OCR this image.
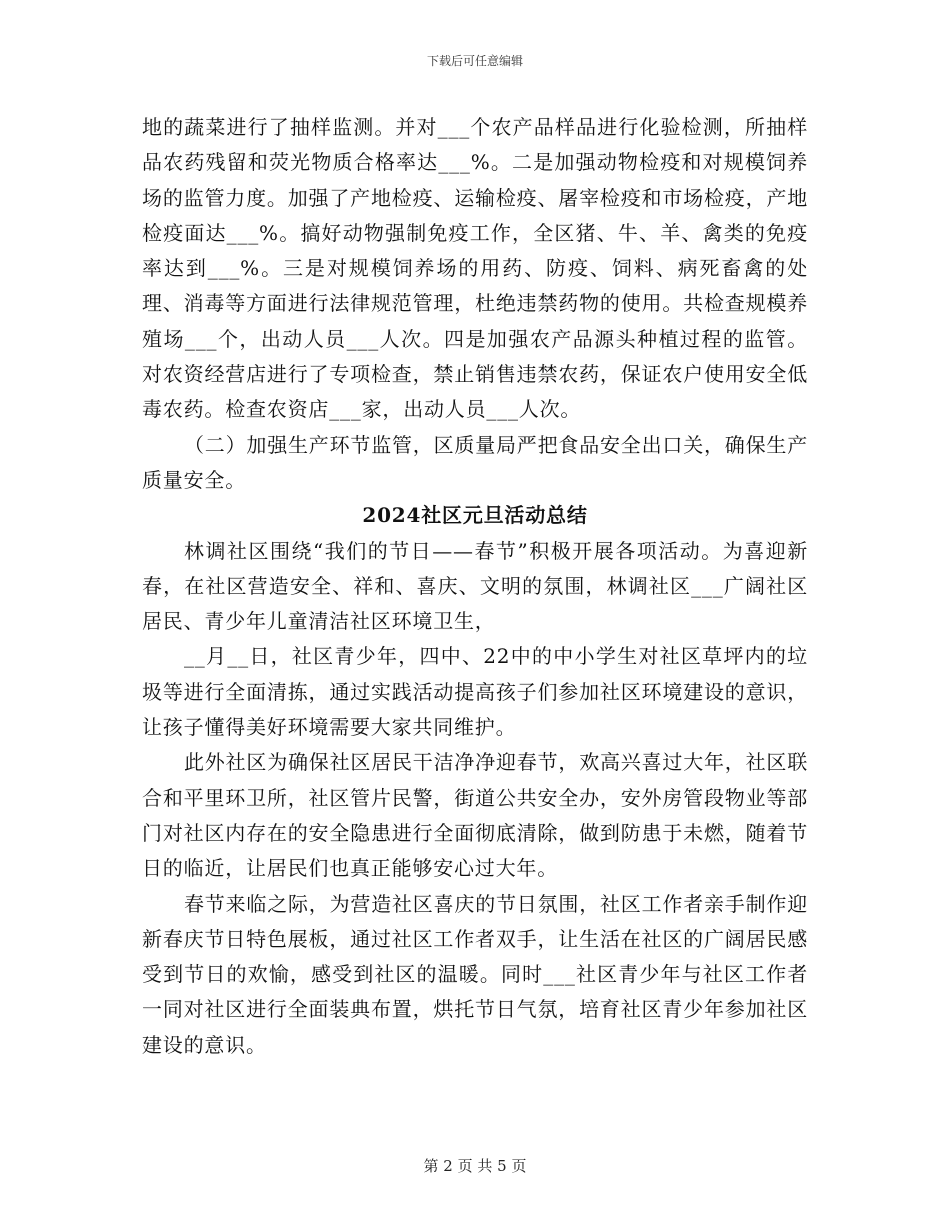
下载后可任意编辑

地的蔬菜进行了抽样监测。并对___个农产品样品进行化验检测，所抽样品农药残留和荧光物质合格率达___%。二是加强动物检疫和对规模饲养场的监管力度。加强了产地检疫、运输检疫、屠宰检疫和市场检疫，产地检疫面达___%。搞好动物强制免疫工作，全区猪、牛、羊、禽类的免疫率达到___%。三是对规模饲养场的用药、防疫、饲料、病死畜禽的处理、消毒等方面进行法律规范管理，杜绝违禁药物的使用。共检查规模养殖场___个，出动人员___人次。四是加强农产品源头种植过程的监管。对农资经营店进行了专项检查，禁止销售违禁农药，保证农户使用安全低毒农药。检查农资店___家，出动人员___人次。

（二）加强生产环节监管，区质量局严把食品安全出口关，确保生产质量安全。

2024社区元旦活动总结

林调社区围绕“我们的节日——春节”积极开展各项活动。为喜迎新春，在社区营造安全、祥和、喜庆、文明的氛围，林调社区___广阔社区居民、青少年儿童清洁社区环境卫生，

__月__日，社区青少年，四中、22中的中小学生对社区草坪内的垃圾等进行全面清拣，通过实践活动提高孩子们参加社区环境建设的意识，让孩子懂得美好环境需要大家共同维护。

此外社区为确保社区居民干洁净净迎春节，欢高兴喜过大年，社区联合和平里环卫所，社区管片民警，街道公共安全办，安外房管段物业等部门对社区内存在的安全隐患进行全面彻底清除，做到防患于未燃，随着节日的临近，让居民们也真正能够安心过大年。

春节来临之际，为营造社区喜庆的节日氛围，社区工作者亲手制作迎新春庆节日特色展板，通过社区工作者双手，让生活在社区的广阔居民感受到节日的欢愉，感受到社区的温暖。同时___社区青少年与社区工作者一同对社区进行全面装典布置，烘托节日气氛，培育社区青少年参加社区建设的意识。

第 2 页 共 5 页
